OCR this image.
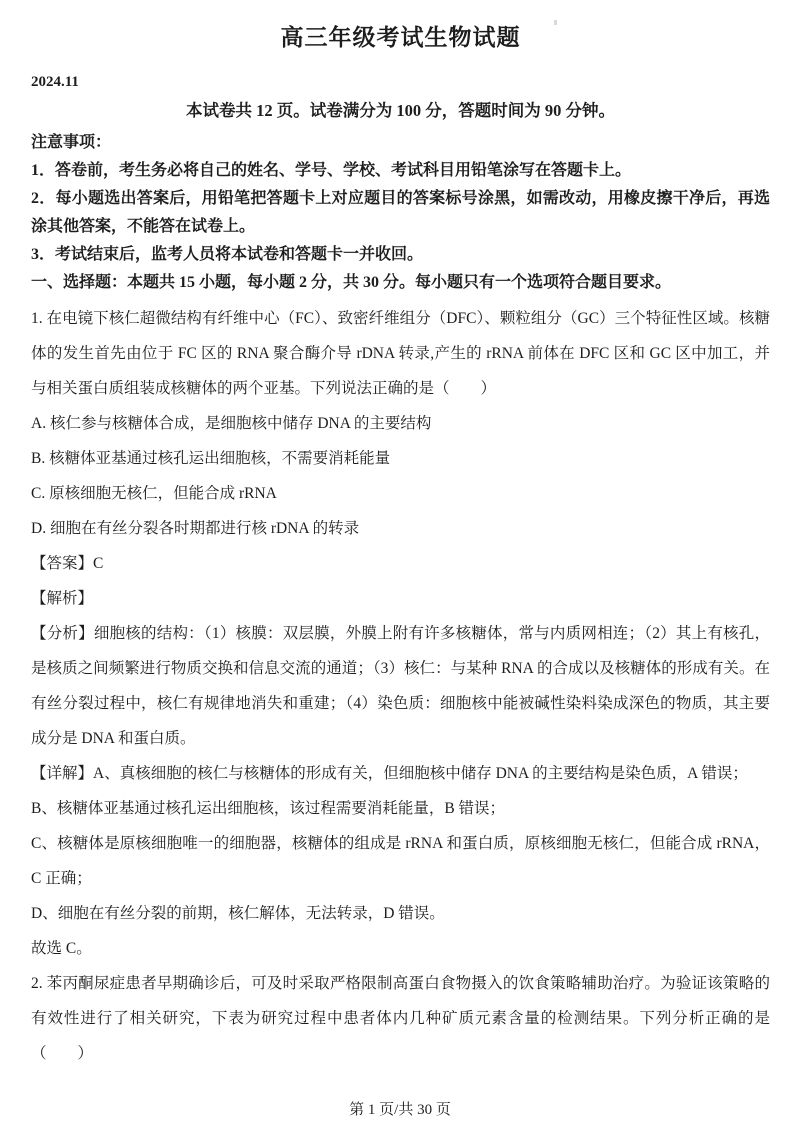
高三年级考试生物试题
2024.11
本试卷共 12 页。试卷满分为 100 分，答题时间为 90 分钟。

注意事项：

1．答卷前，考生务必将自己的姓名、学号、学校、考试科目用铅笔涂写在答题卡上。

2．每小题选出答案后，用铅笔把答题卡上对应题目的答案标号涂黑，如需改动，用橡皮擦干净后，再选涂其他答案，不能答在试卷上。

3．考试结束后，监考人员将本试卷和答题卡一并收回。

一、选择题：本题共 15 小题，每小题 2 分，共 30 分。每小题只有一个选项符合题目要求。

1. 在电镜下核仁超微结构有纤维中心（FC）、致密纤维组分（DFC）、颗粒组分（GC）三个特征性区域。核糖体的发生首先由位于 FC 区的 RNA 聚合酶介导 rDNA 转录,产生的 rRNA 前体在 DFC 区和 GC 区中加工，并与相关蛋白质组装成核糖体的两个亚基。下列说法正确的是（　　）

A. 核仁参与核糖体合成，是细胞核中储存 DNA 的主要结构

B. 核糖体亚基通过核孔运出细胞核，不需要消耗能量

C. 原核细胞无核仁，但能合成 rRNA

D. 细胞在有丝分裂各时期都进行核 rDNA 的转录

【答案】C

【解析】

【分析】细胞核的结构：（1）核膜：双层膜，外膜上附有许多核糖体，常与内质网相连；（2）其上有核孔，是核质之间频繁进行物质交换和信息交流的通道；（3）核仁：与某种 RNA 的合成以及核糖体的形成有关。在有丝分裂过程中，核仁有规律地消失和重建；（4）染色质：细胞核中能被碱性染料染成深色的物质，其主要成分是 DNA 和蛋白质。

【详解】A、真核细胞的核仁与核糖体的形成有关，但细胞核中储存 DNA 的主要结构是染色质，A 错误；

B、核糖体亚基通过核孔运出细胞核，该过程需要消耗能量，B 错误；

C、核糖体是原核细胞唯一的细胞器，核糖体的组成是 rRNA 和蛋白质，原核细胞无核仁，但能合成 rRNA，C 正确；

D、细胞在有丝分裂的前期，核仁解体，无法转录，D 错误。

故选 C。

2. 苯丙酮尿症患者早期确诊后，可及时采取严格限制高蛋白食物摄入的饮食策略辅助治疗。为验证该策略的有效性进行了相关研究，下表为研究过程中患者体内几种矿质元素含量的检测结果。下列分析正确的是（　　）

第 1 页/共 30 页
